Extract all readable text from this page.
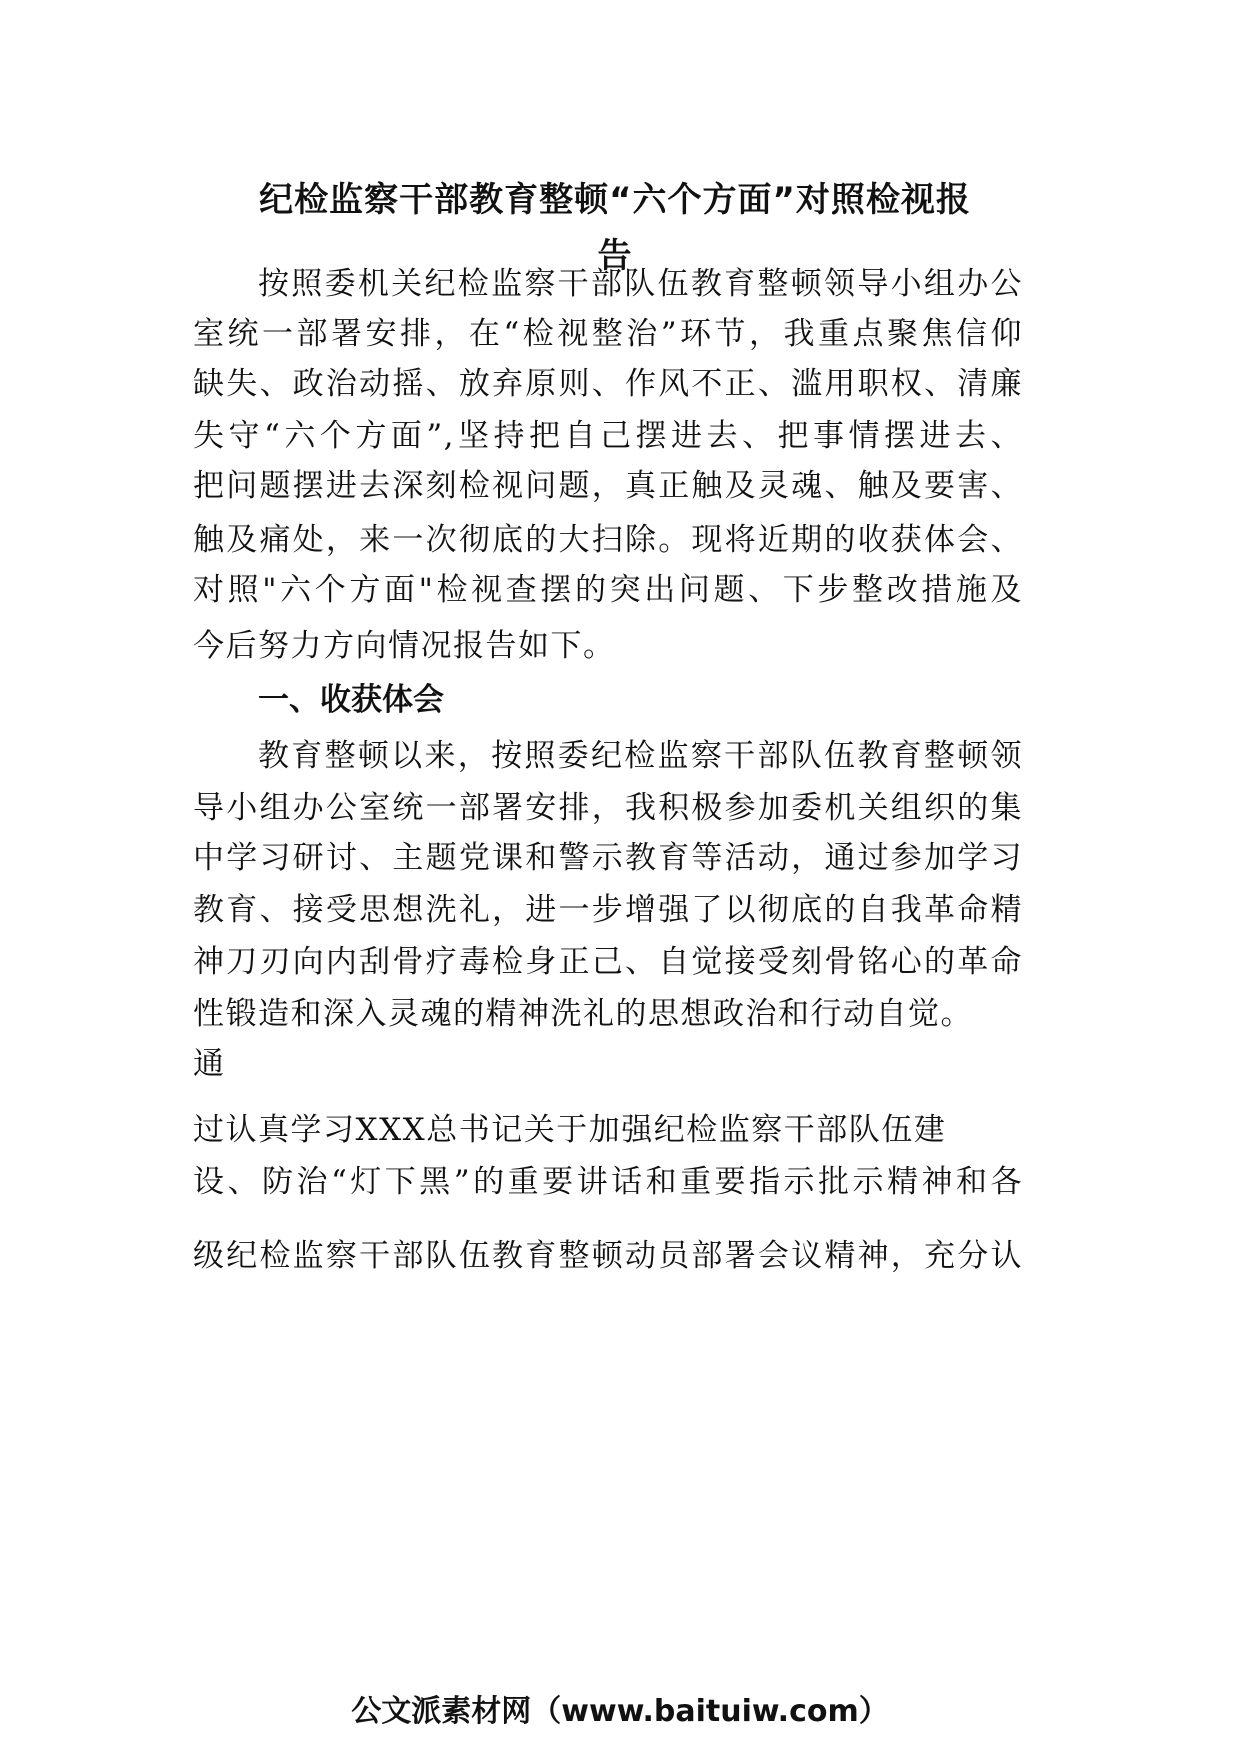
纪检监察干部教育整顿“六个方面”对照检视报
告
按照委机关纪检监察干部队伍教育整顿领导小组办公
室统一部署安排，在“检视整治”环节，我重点聚焦信仰
缺失、政治动摇、放弃原则、作风不正、滥用职权、清廉
失守“六个方面”,坚持把自己摆进去、把事情摆进去、
把问题摆进去深刻检视问题，真正触及灵魂、触及要害、
触及痛处，来一次彻底的大扫除。现将近期的收获体会、
对照"六个方面"检视查摆的突出问题、下步整改措施及
今后努力方向情况报告如下。
一、收获体会
教育整顿以来，按照委纪检监察干部队伍教育整顿领
导小组办公室统一部署安排，我积极参加委机关组织的集
中学习研讨、主题党课和警示教育等活动，通过参加学习
教育、接受思想洗礼，进一步增强了以彻底的自我革命精
神刀刃向内刮骨疗毒检身正己、自觉接受刻骨铭心的革命
性锻造和深入灵魂的精神洗礼的思想政治和行动自觉。
通
过认真学习XXX总书记关于加强纪检监察干部队伍建
设、防治“灯下黑”的重要讲话和重要指示批示精神和各
级纪检监察干部队伍教育整顿动员部署会议精神，充分认
公文派素材网（www.baituiw.com）
